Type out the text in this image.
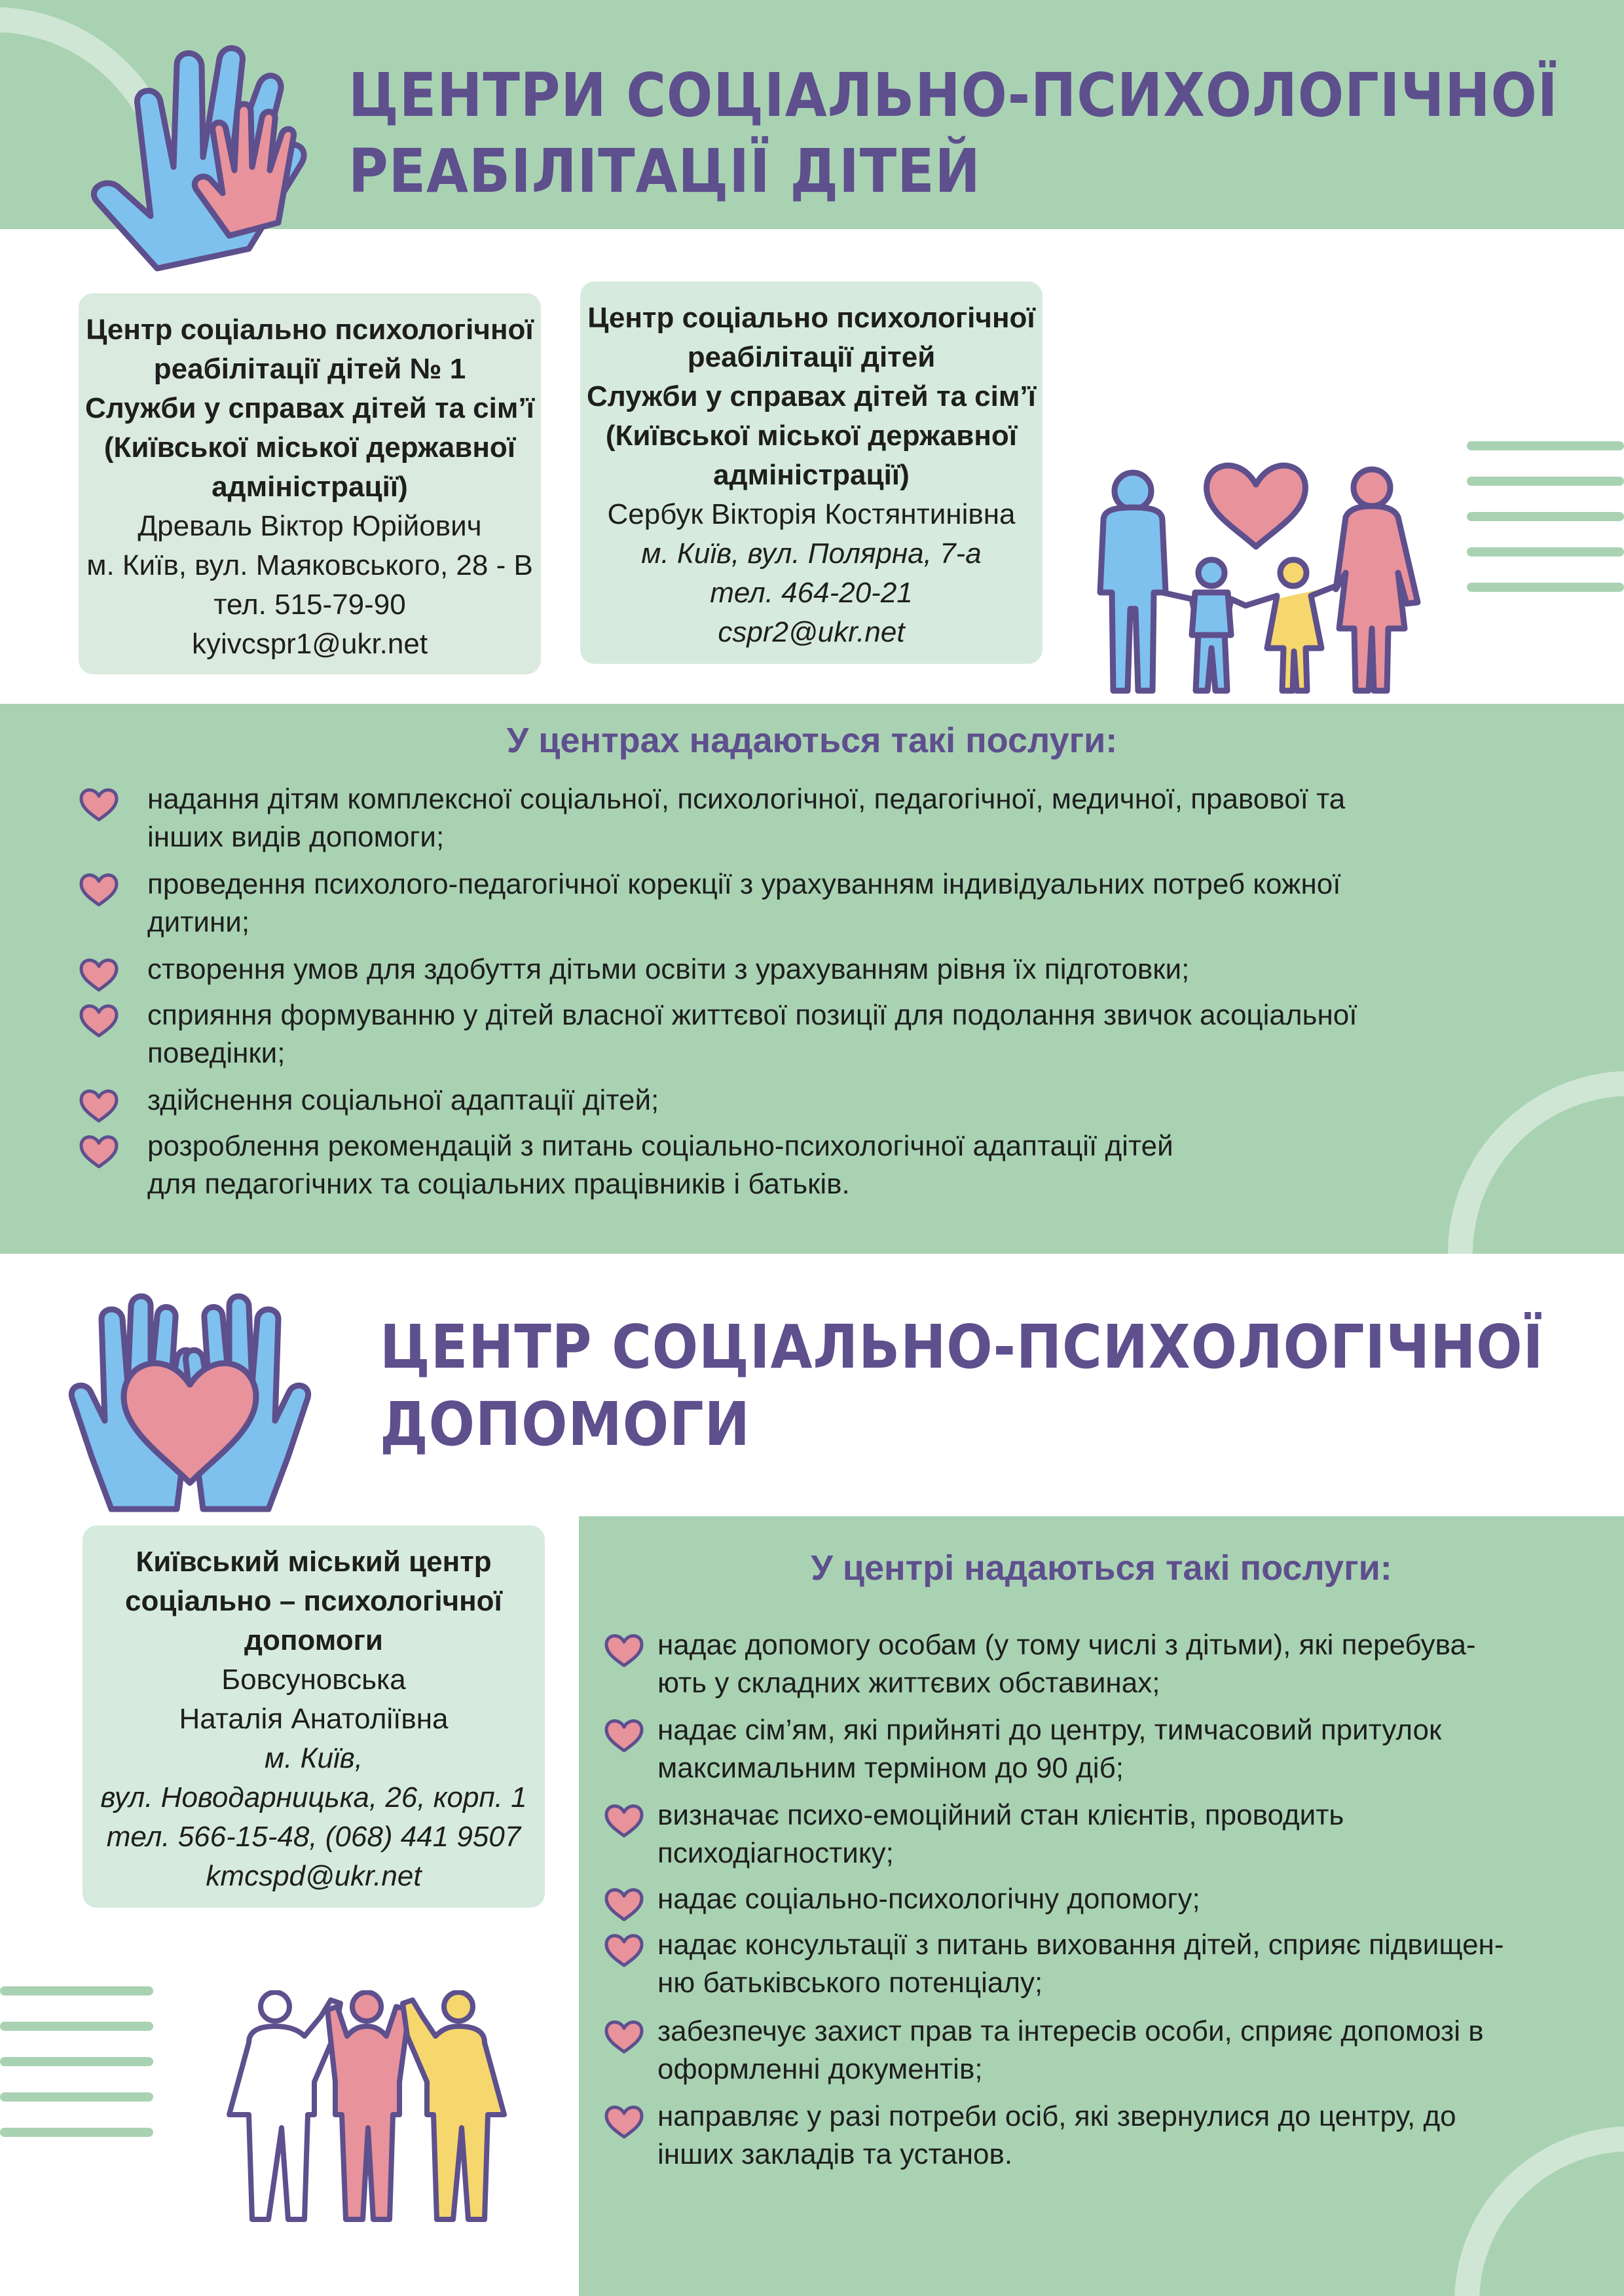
ЦЕНТРИ СОЦІАЛЬНО-ПСИХОЛОГІЧНОЇ
РЕАБІЛІТАЦІЇ ДІТЕЙ
Центр соціально психологічної
реабілітації дітей № 1
Служби у справах дітей та сім’ї
(Київської міської державної
адміністрації)
Древаль Віктор Юрійович
м. Київ, вул. Маяковського, 28 - В
тел. 515-79-90
kyivcspr1@ukr.net
Центр соціально психологічної
реабілітації дітей
Служби у справах дітей та сім’ї
(Київської міської державної
адміністрації)
Сербук Вікторія Костянтинівна
м. Київ, вул. Полярна, 7-а
тел. 464-20-21
cspr2@ukr.net
У центрах надаються такі послуги:
надання дітям комплексної соціальної, психологічної, педагогічної, медичної, правової та
інших видів допомоги;
проведення психолого-педагогічної корекції з урахуванням індивідуальних потреб кожної
дитини;
створення умов для здобуття дітьми освіти з урахуванням рівня їх підготовки;
сприяння формуванню у дітей власної життєвої позиції для подолання звичок асоціальної
поведінки;
здійснення соціальної адаптації дітей;
розроблення рекомендацій з питань соціально-психологічної адаптації дітей
для педагогічних та соціальних працівників і батьків.
ЦЕНТР СОЦІАЛЬНО-ПСИХОЛОГІЧНОЇ
ДОПОМОГИ
Київський міський центр
соціально – психологічної
допомоги
Бовсуновська
Наталія Анатоліївна
м. Київ,
вул. Новодарницька, 26, корп. 1
тел. 566-15-48, (068) 441 9507
kmcspd@ukr.net
У центрі надаються такі послуги:
надає допомогу особам (у тому числі з дітьми), які перебува-
ють у складних життєвих обставинах;
надає сім’ям, які прийняті до центру, тимчасовий притулок
максимальним терміном до 90 діб;
визначає психо-емоційний стан клієнтів, проводить
психодіагностику;
надає соціально-психологічну допомогу;
надає консультації з питань виховання дітей, сприяє підвищен-
ню батьківського потенціалу;
забезпечує захист прав та інтересів особи, сприяє допомозі в
оформленні документів;
направляє у разі потреби осіб, які звернулися до центру, до
інших закладів та установ.
